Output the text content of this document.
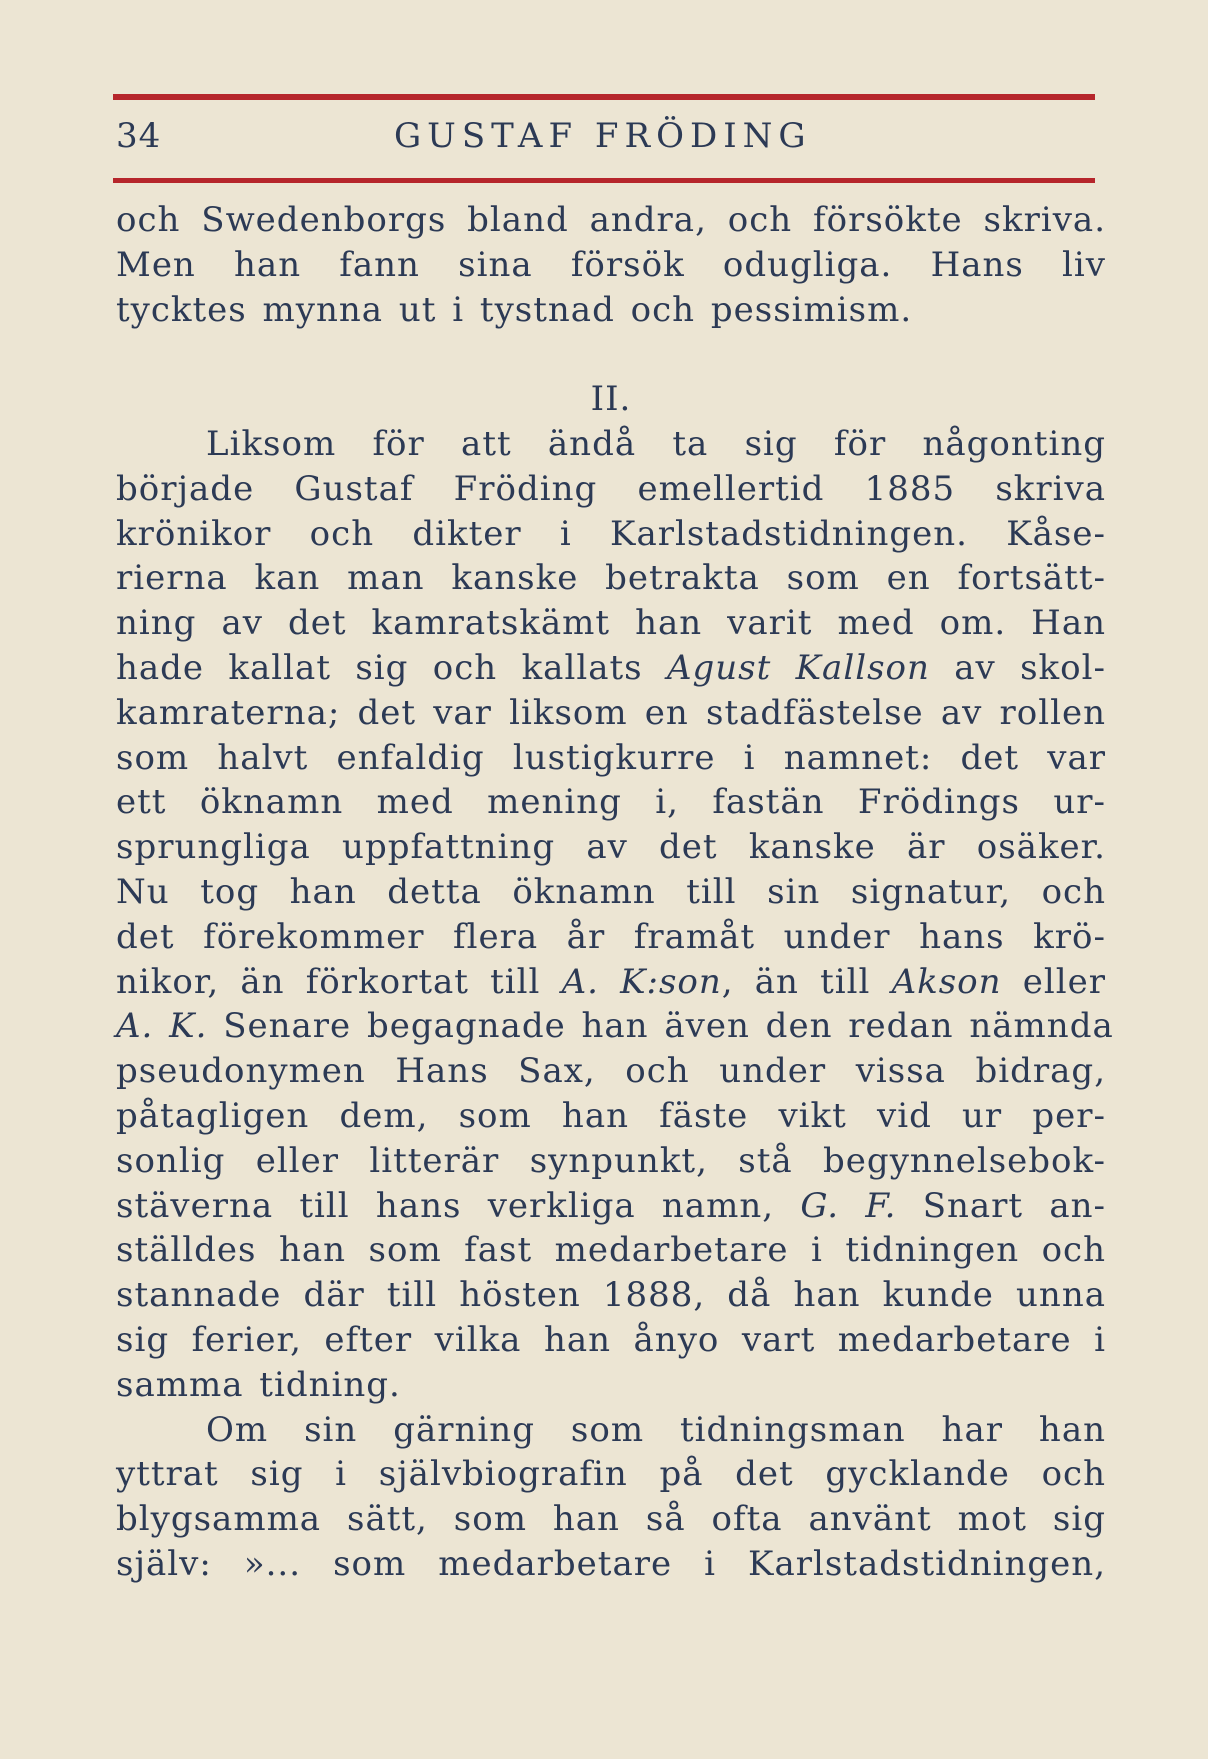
34	GUSTAF FRÖDING
och Swedenborgs bland andra, och försökte skriva.
Men han fann sina försök odugliga. Hans liv
tycktes mynna ut i tystnad och pessimism.
II.
Liksom för att ändå ta sig för någonting
började Gustaf Fröding emellertid 1885 skriva
krönikor och dikter i Karlstadstidningen. Kåse-
rierna kan man kanske betrakta som en fortsätt-
ning av det kamratskämt han varit med om. Han
hade kallat sig och kallats Agust Kallson av skol-
kamraterna; det var liksom en stadfästelse av rollen
som halvt enfaldig lustigkurre i namnet: det var
ett öknamn med mening i, fastän Frödings ur-
sprungliga uppfattning av det kanske är osäker.
Nu tog han detta öknamn till sin signatur, och
det förekommer flera år framåt under hans krö-
nikor, än förkortat till A. K:son, än till Akson eller
A. K. Senare begagnade han även den redan nämnda
pseudonymen Hans Sax, och under vissa bidrag,
påtagligen dem, som han fäste vikt vid ur per-
sonlig eller litterär synpunkt, stå begynnelsebok-
stäverna till hans verkliga namn, G. F. Snart an-
ställdes han som fast medarbetare i tidningen och
stannade där till hösten 1888, då han kunde unna
sig ferier, efter vilka han ånyo vart medarbetare i
samma tidning.
Om sin gärning som tidningsman har han
yttrat sig i självbiografin på det gycklande och
blygsamma sätt, som han så ofta använt mot sig
själv: »... som medarbetare i Karlstadstidningen,
